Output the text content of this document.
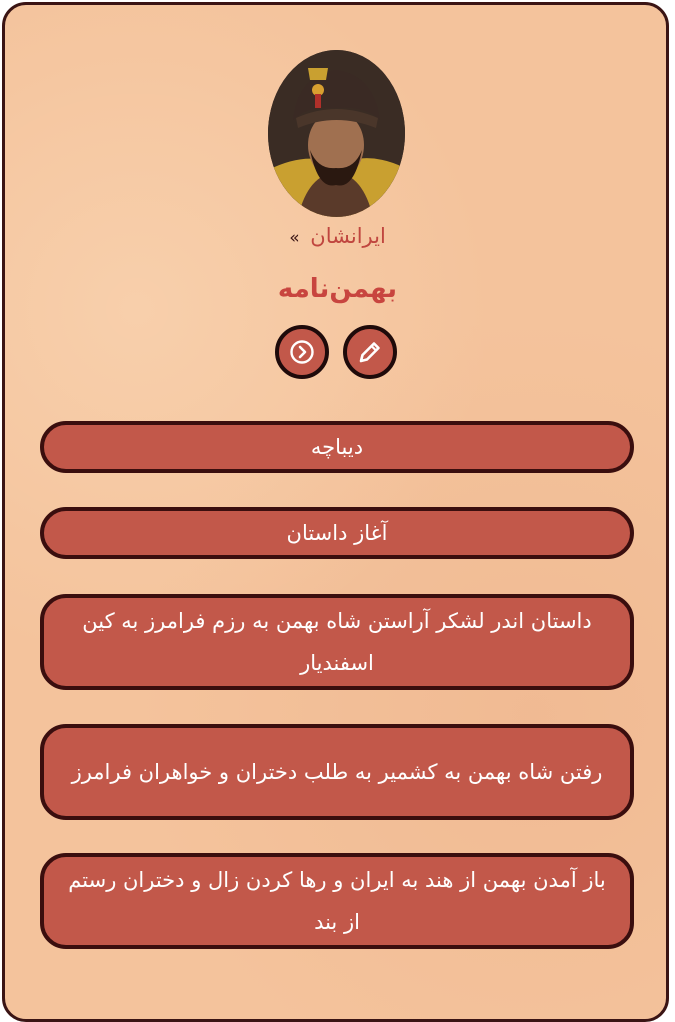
ایرانشان »
بهمن‌نامه
دیباچه
آغاز داستان
داستان اندر لشکر آراستن شاه بهمن به رزم فرامرز به کین اسفندیار
رفتن شاه بهمن به کشمیر به طلب دختران و خواهران فرامرز
باز آمدن بهمن از هند به ایران و رها کردن زال و دختران رستم از بند
